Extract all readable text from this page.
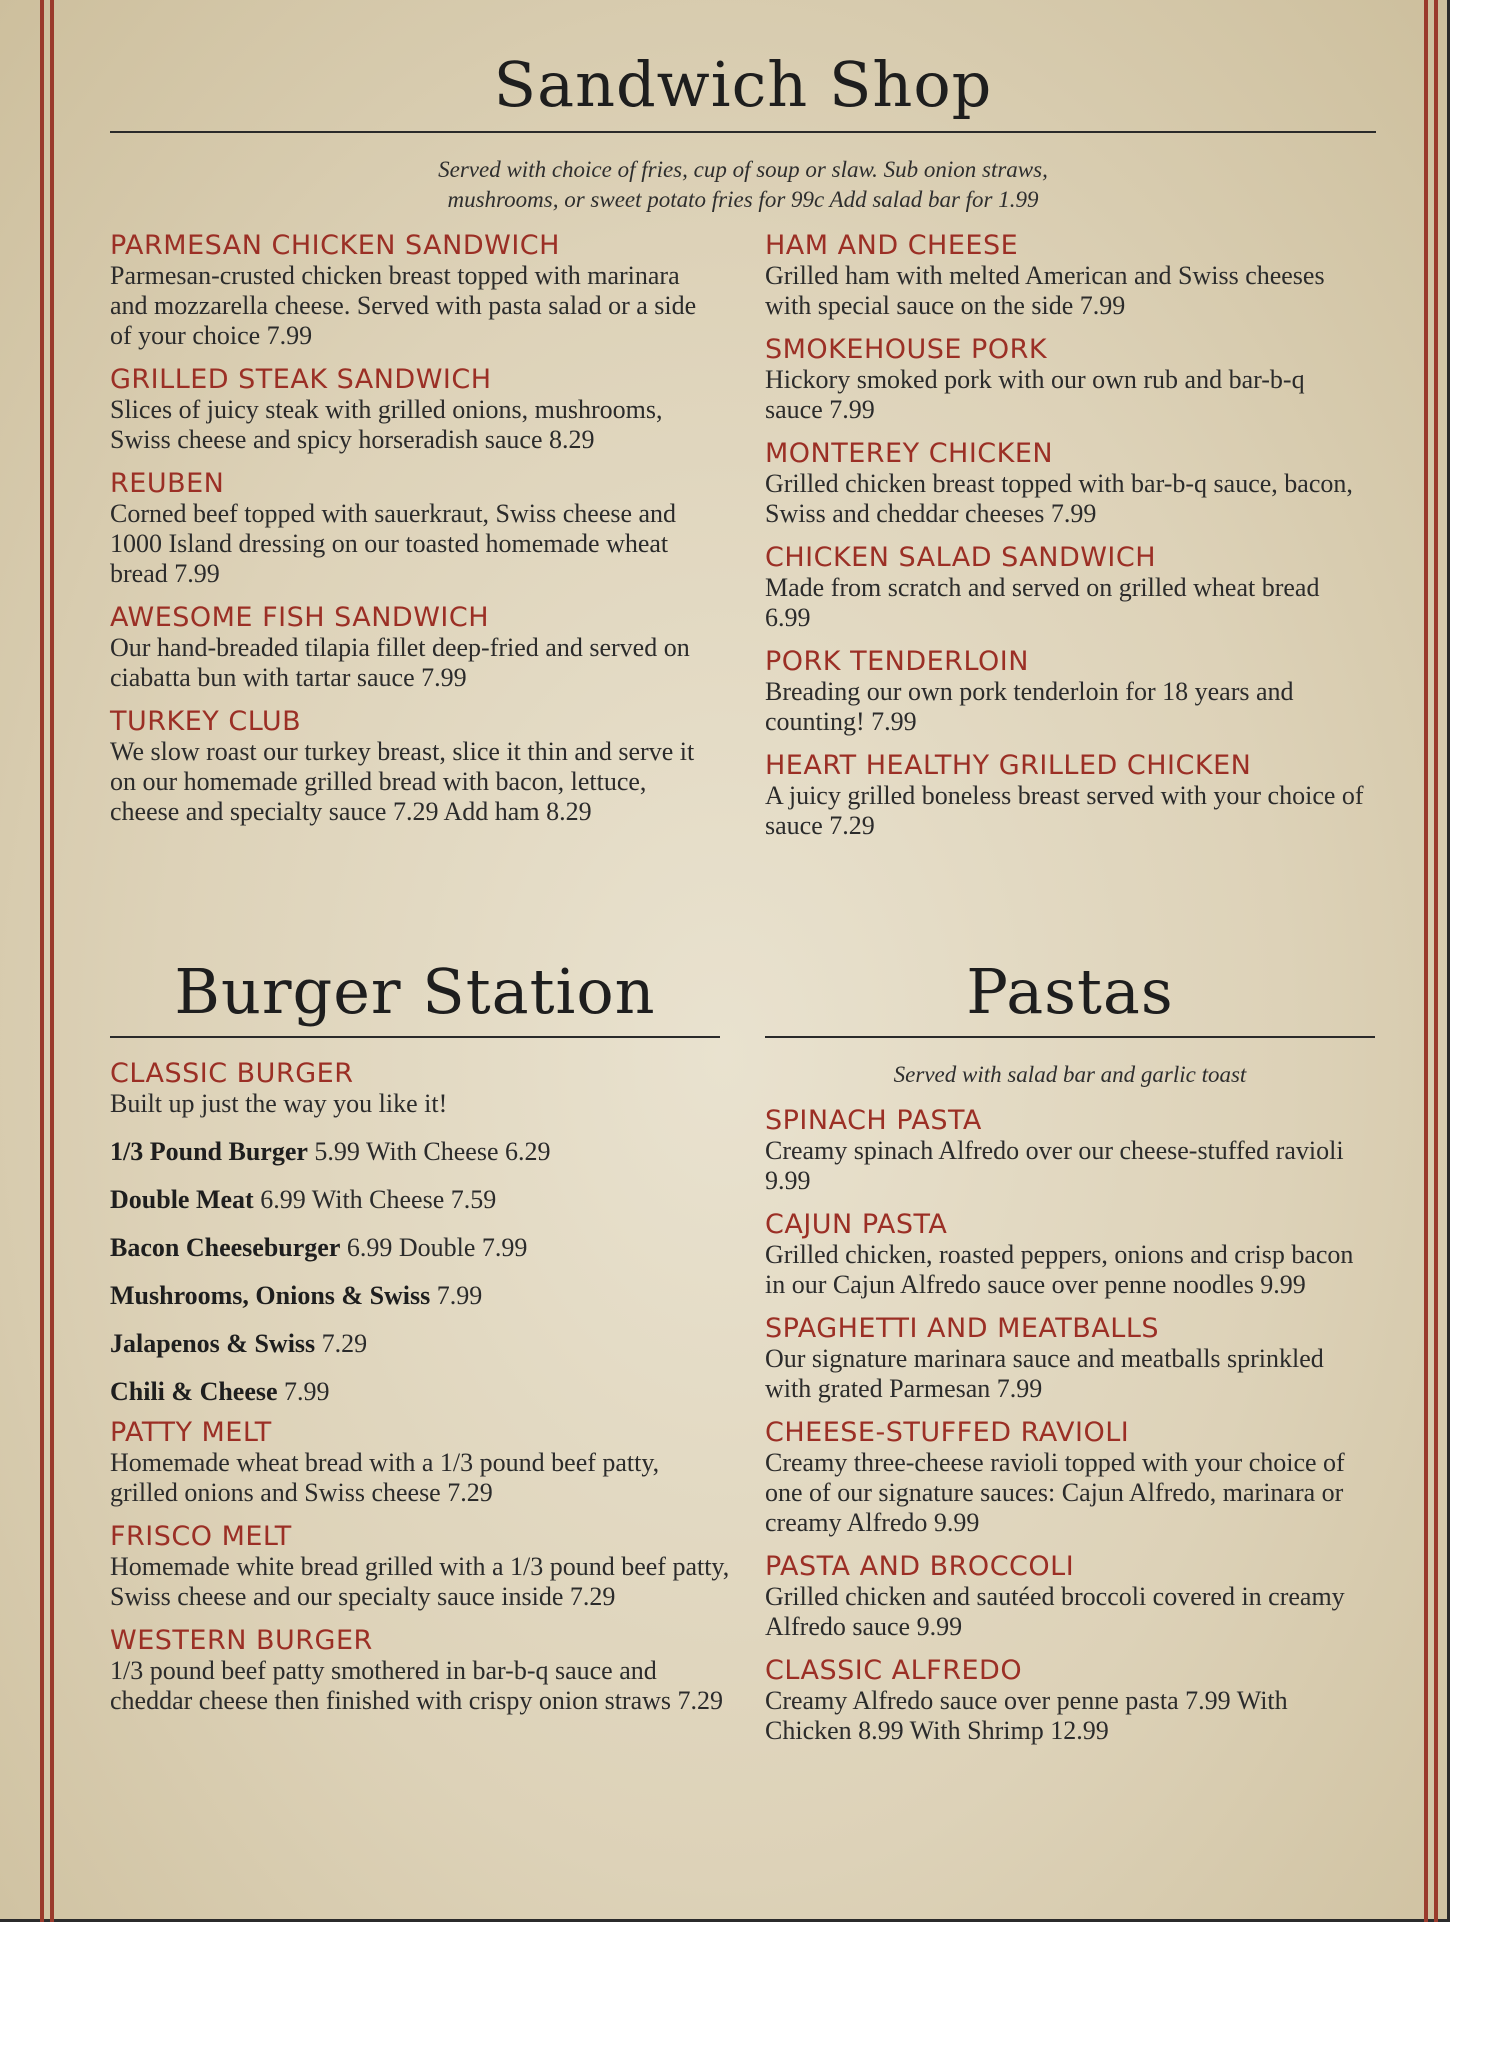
Sandwich Shop

Served with choice of fries, cup of soup or slaw. Sub onion straws,
mushrooms, or sweet potato fries for 99c Add salad bar for 1.99

PARMESAN CHICKEN SANDWICH

Parmesan-crusted chicken breast topped with marinara and mozzarella cheese. Served with pasta salad or a side of your choice 7.99

GRILLED STEAK SANDWICH

Slices of juicy steak with grilled onions, mushrooms, Swiss cheese and spicy horseradish sauce 8.29

REUBEN

Corned beef topped with sauerkraut, Swiss cheese and 1000 Island dressing on our toasted homemade wheat bread 7.99

AWESOME FISH SANDWICH

Our hand-breaded tilapia fillet deep-fried and served on ciabatta bun with tartar sauce 7.99

TURKEY CLUB

We slow roast our turkey breast, slice it thin and serve it on our homemade grilled bread with bacon, lettuce, cheese and specialty sauce 7.29 Add ham 8.29

HAM AND CHEESE

Grilled ham with melted American and Swiss cheeses with special sauce on the side 7.99

SMOKEHOUSE PORK

Hickory smoked pork with our own rub and bar-b-q sauce 7.99

MONTEREY CHICKEN

Grilled chicken breast topped with bar-b-q sauce, bacon, Swiss and cheddar cheeses 7.99

CHICKEN SALAD SANDWICH

Made from scratch and served on grilled wheat bread 6.99

PORK TENDERLOIN

Breading our own pork tenderloin for 18 years and counting! 7.99

HEART HEALTHY GRILLED CHICKEN

A juicy grilled boneless breast served with your choice of sauce 7.29

Burger Station
CLASSIC BURGER

Built up just the way you like it!

1/3 Pound Burger 5.99 With Cheese 6.29

Double Meat 6.99 With Cheese 7.59

Bacon Cheeseburger 6.99 Double 7.99

Mushrooms, Onions & Swiss 7.99

Jalapenos & Swiss 7.29

Chili & Cheese 7.99

PATTY MELT

Homemade wheat bread with a 1/3 pound beef patty, grilled onions and Swiss cheese 7.29

FRISCO MELT

Homemade white bread grilled with a 1/3 pound beef patty, Swiss cheese and our specialty sauce inside 7.29

WESTERN BURGER

1/3 pound beef patty smothered in bar-b-q sauce and cheddar cheese then finished with crispy onion straws 7.29

Pastas

Served with salad bar and garlic toast

SPINACH PASTA

Creamy spinach Alfredo over our cheese-stuffed ravioli 9.99

CAJUN PASTA

Grilled chicken, roasted peppers, onions and crisp bacon in our Cajun Alfredo sauce over penne noodles 9.99

SPAGHETTI AND MEATBALLS

Our signature marinara sauce and meatballs sprinkled with grated Parmesan 7.99

CHEESE-STUFFED RAVIOLI

Creamy three-cheese ravioli topped with your choice of one of our signature sauces: Cajun Alfredo, marinara or creamy Alfredo 9.99

PASTA AND BROCCOLI

Grilled chicken and sautéed broccoli covered in creamy Alfredo sauce 9.99

CLASSIC ALFREDO

Creamy Alfredo sauce over penne pasta 7.99 With Chicken 8.99 With Shrimp 12.99
